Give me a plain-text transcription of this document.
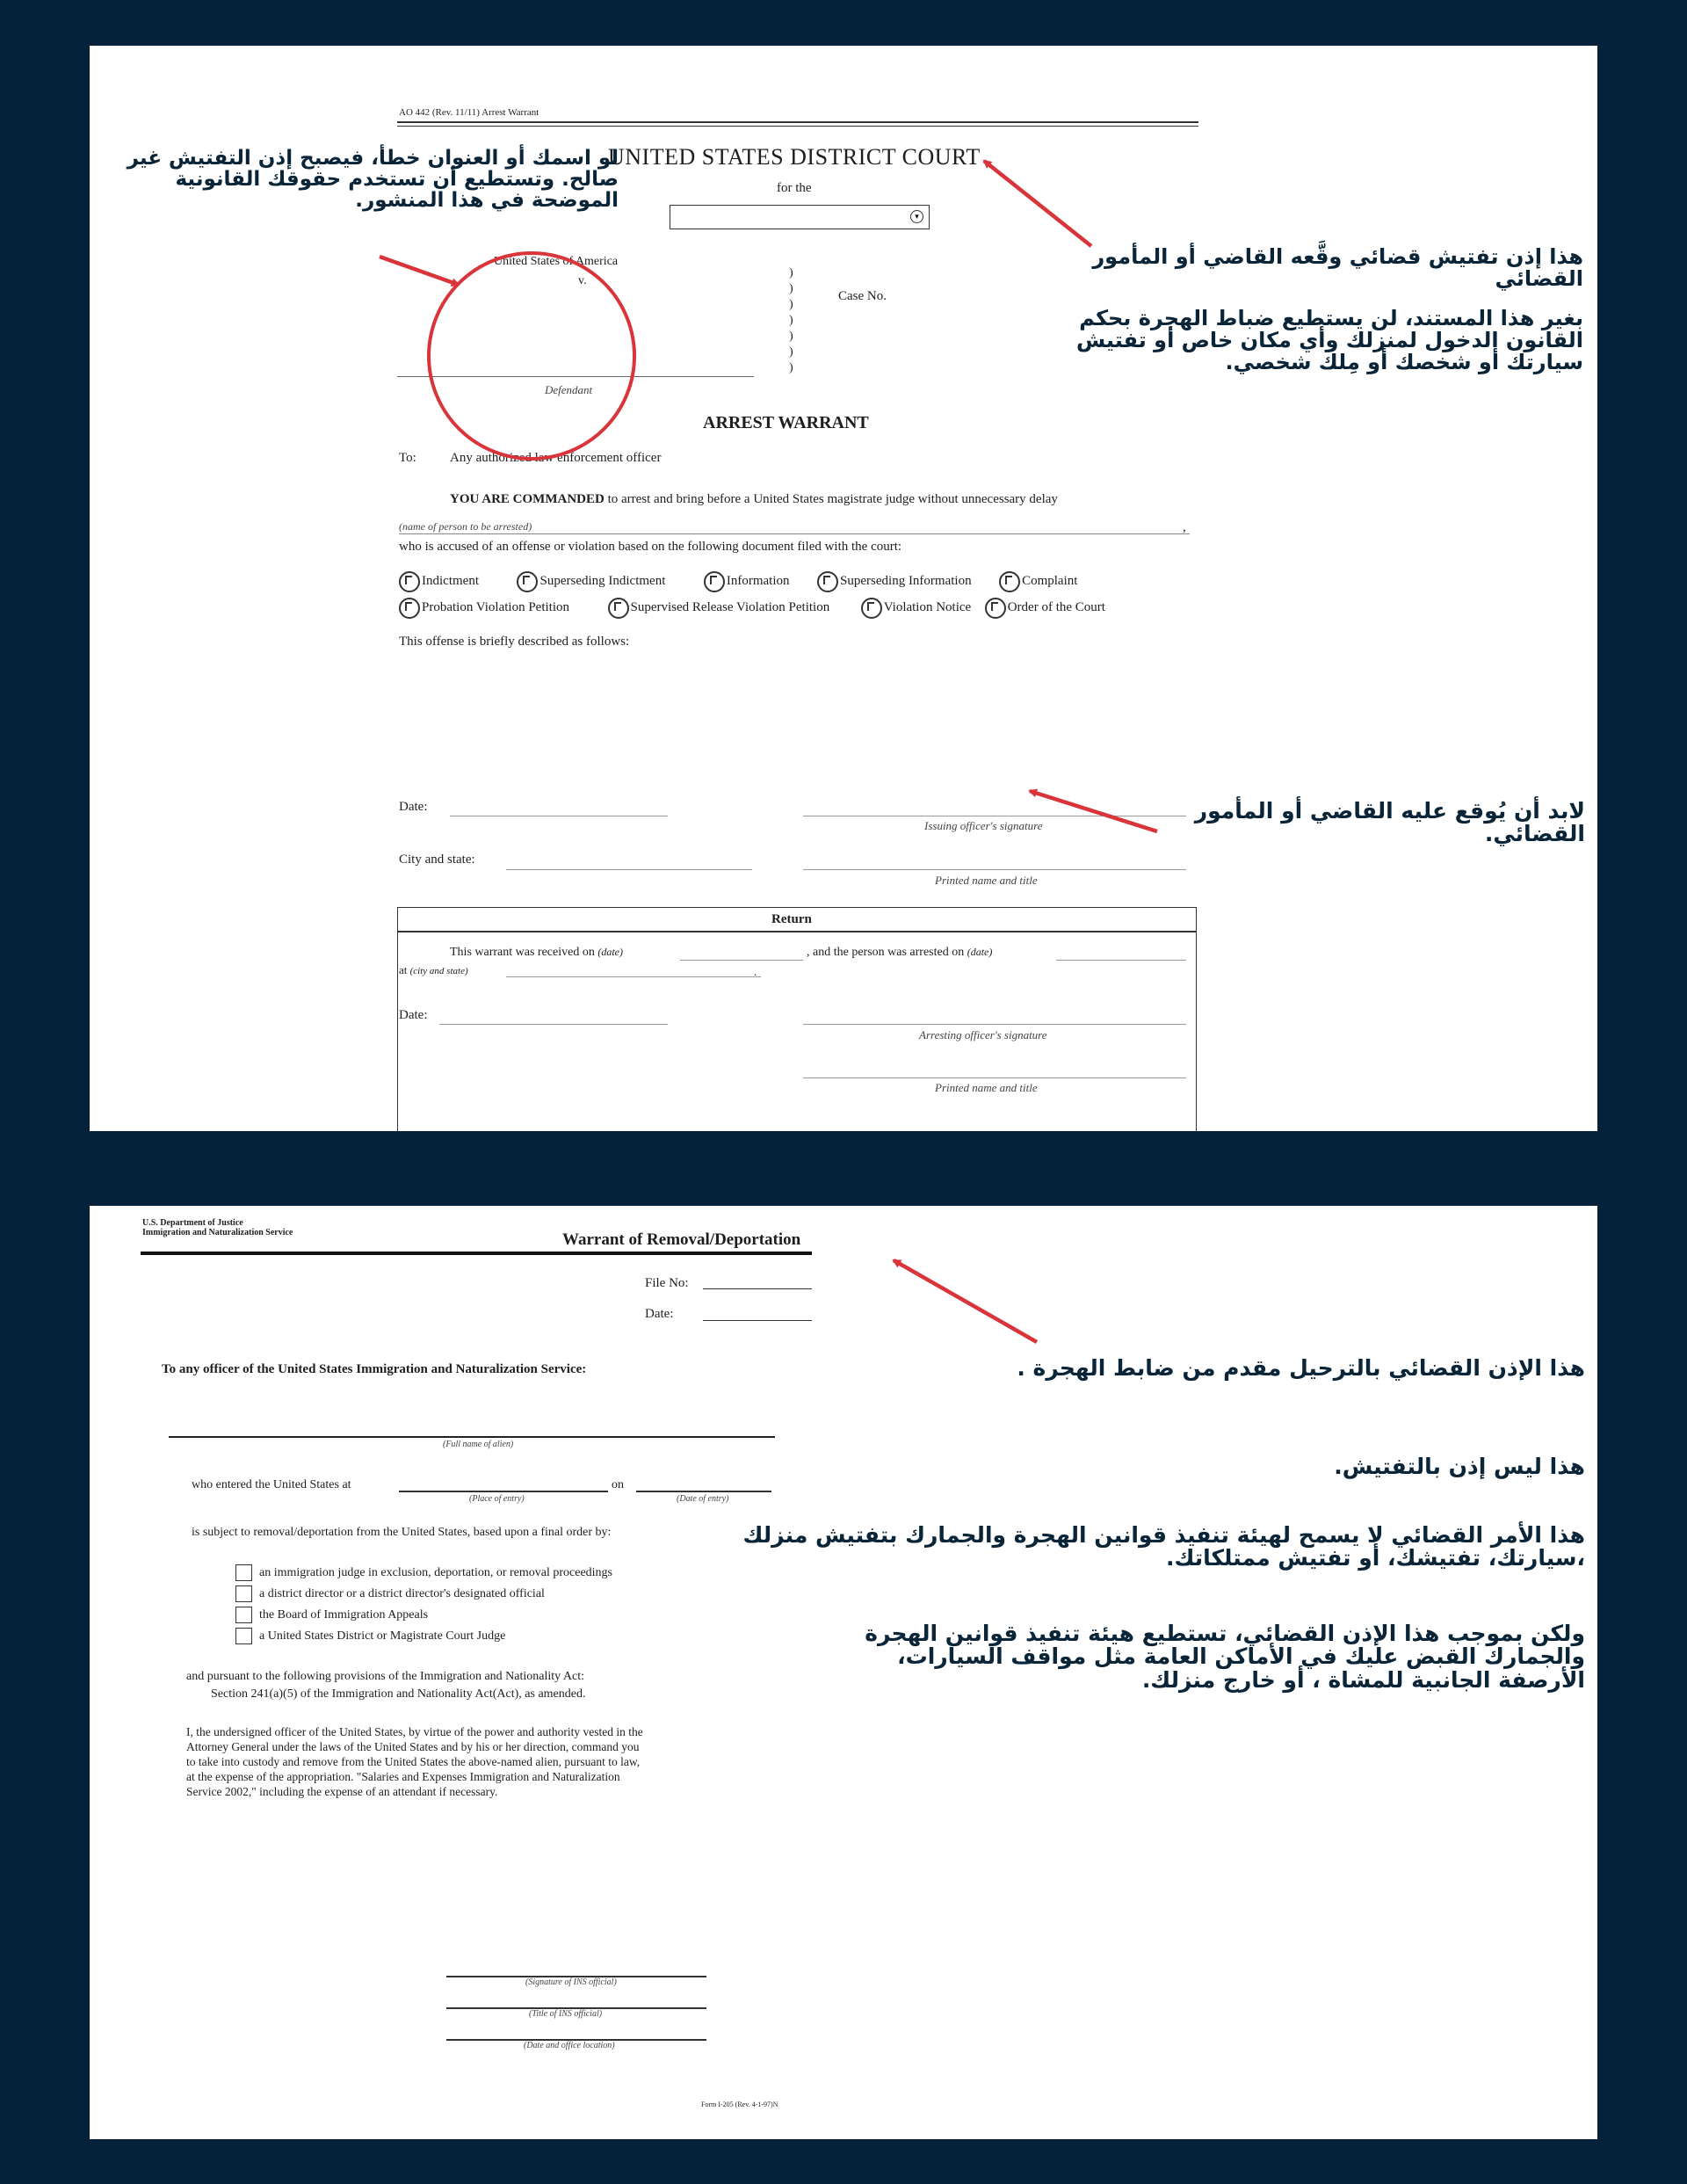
AO 442 (Rev. 11/11) Arrest Warrant
UNITED STATES DISTRICT COURT
for the
▾
United States of America
v.
Defendant
)
)
)
)
)
)
)
Case No.
ARREST WARRANT
To:	Any authorized law enforcement officer
YOU ARE COMMANDED to arrest and bring before a United States magistrate judge without unnecessary delay
(name of person to be arrested)	,
who is accused of an offense or violation based on the following document filed with the court:
Indictment	Superseding Indictment	Information	Superseding Information	Complaint
Probation Violation Petition	Supervised Release Violation Petition	Violation Notice	Order of the Court
This offense is briefly described as follows:
Date:
Issuing officer's signature
City and state:
Printed name and title
Return
This warrant was received on (date)	, and the person was arrested on (date)
at (city and state)	.
Date:
Arresting officer's signature
Printed name and title
لو اسمك أو العنوان خطأ، فيصبح إذن التفتيش غير صالح. وتستطيع أن تستخدم حقوقك القانونية الموضحة في هذا المنشور.
هذا إذن تفتيش قضائي وقَّعه القاضي أو المأمور القضائي
بغير هذا المستند، لن يستطيع ضباط الهجرة بحكم القانون الدخول لمنزلك وأي مكان خاص أو تفتيش سيارتك أو شخصك أو مِلك شخصي.
لابد أن يُوقع عليه القاضي أو المأمور القضائي.
U.S. Department of Justice
Immigration and Naturalization Service	Warrant of Removal/Deportation
File No:
Date:
To any officer of the United States Immigration and Naturalization Service:
(Full name of alien)
who entered the United States at
(Place of entry)
on
(Date of entry)
is subject to removal/deportation from the United States, based upon a final order by:
an immigration judge in exclusion, deportation, or removal proceedings
a district director or a district director's designated official
the Board of Immigration Appeals
a United States District or Magistrate Court Judge
and pursuant to the following provisions of the Immigration and Nationality Act:
Section 241(a)(5) of the Immigration and Nationality Act(Act), as amended.
I, the undersigned officer of the United States, by virtue of the power and authority vested in the
Attorney General under the laws of the United States and by his or her direction, command you
to take into custody and remove from the United States the above-named alien, pursuant to law,
at the expense of the appropriation. "Salaries and Expenses Immigration and Naturalization
Service 2002," including the expense of an attendant if necessary.
(Signature of INS official)
(Title of INS official)
(Date and office location)
Form I-205 (Rev. 4-1-97)N
هذا الإذن القضائي بالترحيل مقدم من ضابط الهجرة .
هذا ليس إذن بالتفتيش.
هذا الأمر القضائي لا يسمح لهيئة تنفيذ قوانين الهجرة والجمارك بتفتيش منزلك ،سيارتك، تفتيشك، أو تفتيش ممتلكاتك.
ولكن بموجب هذا الإذن القضائي، تستطيع هيئة تنفيذ قوانين الهجرة والجمارك القبض عليك في الأماكن العامة مثل مواقف السيارات، الأرصفة الجانبية للمشاة ، أو خارج منزلك.
